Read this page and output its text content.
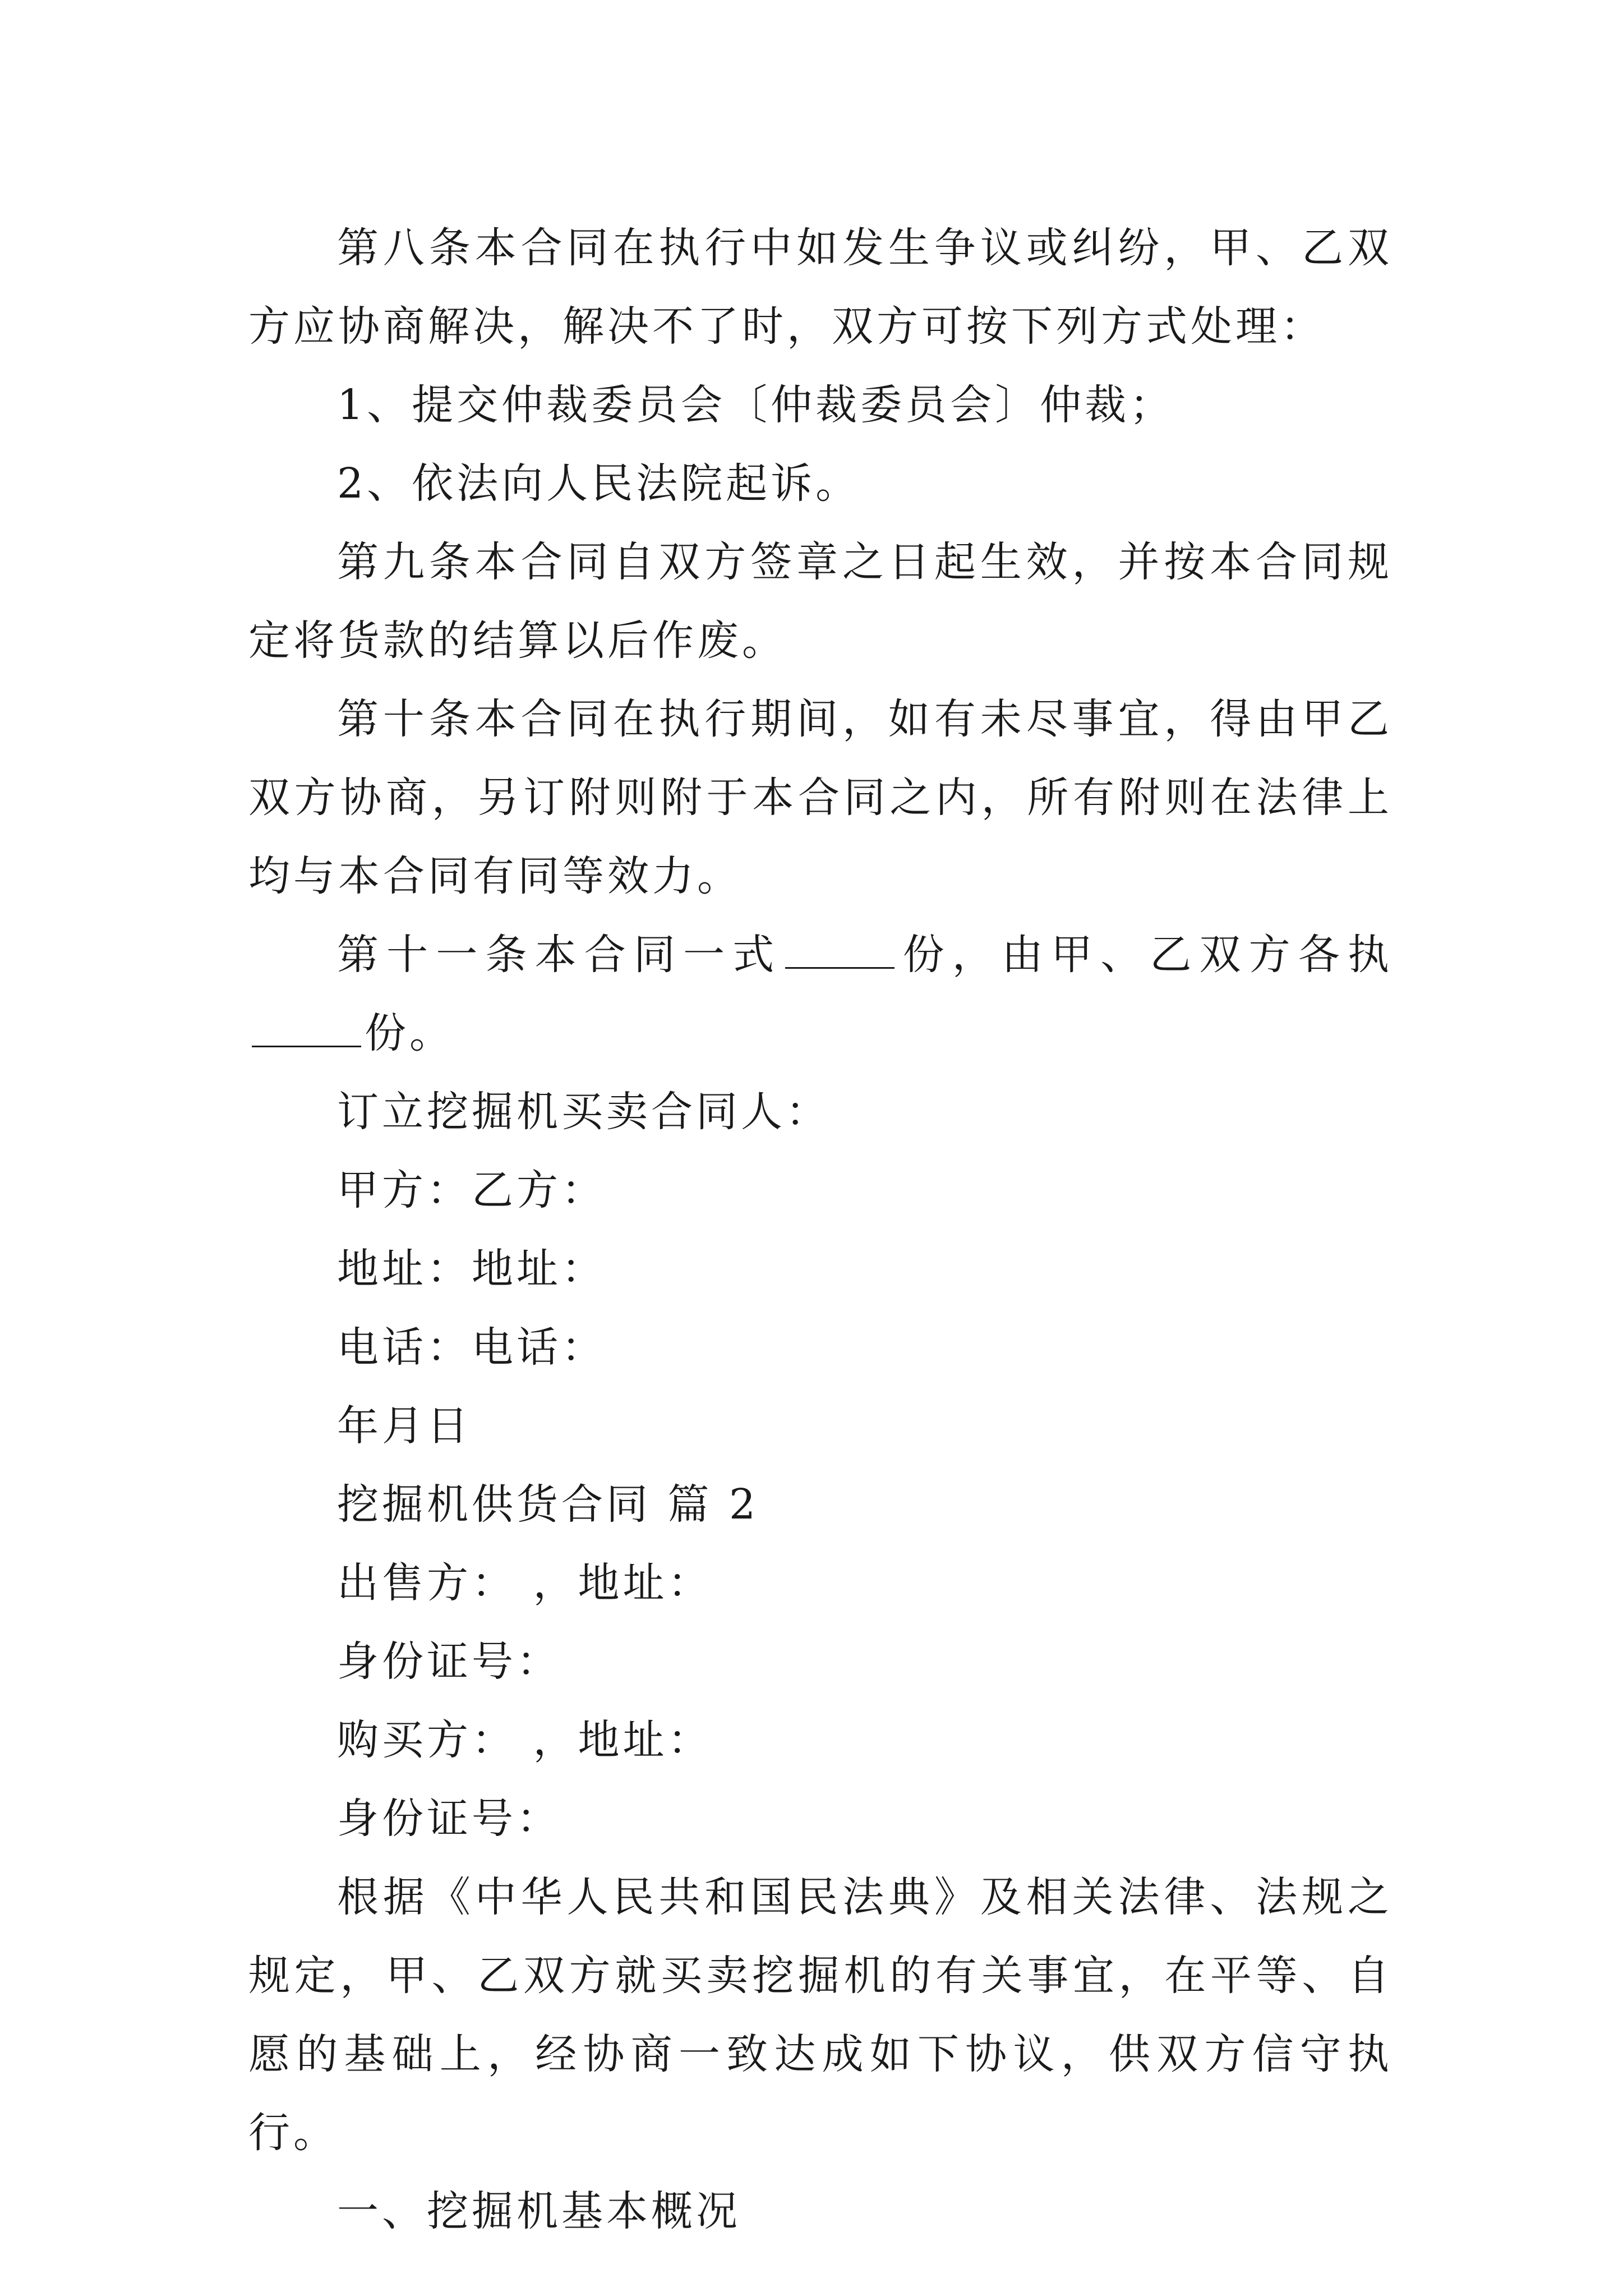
第八条本合同在执行中如发生争议或纠纷，甲、乙双方应协商解决，解决不了时，双方可按下列方式处理：

1、提交仲裁委员会〔仲裁委员会〕仲裁；

2、依法向人民法院起诉。

第九条本合同自双方签章之日起生效，并按本合同规定将货款的结算以后作废。

第十条本合同在执行期间，如有未尽事宜，得由甲乙双方协商，另订附则附于本合同之内，所有附则在法律上均与本合同有同等效力。

第十一条本合同一式	份，由甲、乙双方各执份。

订立挖掘机买卖合同人：

甲方：乙方：

地址：地址：

电话：电话：

年月日

挖掘机供货合同 篇 2

出售方： ，地址：

身份证号：

购买方： ，地址：

身份证号：

根据《中华人民共和国民法典》及相关法律、法规之规定，甲、乙双方就买卖挖掘机的有关事宜，在平等、自愿的基础上，经协商一致达成如下协议，供双方信守执行。

一、挖掘机基本概况
